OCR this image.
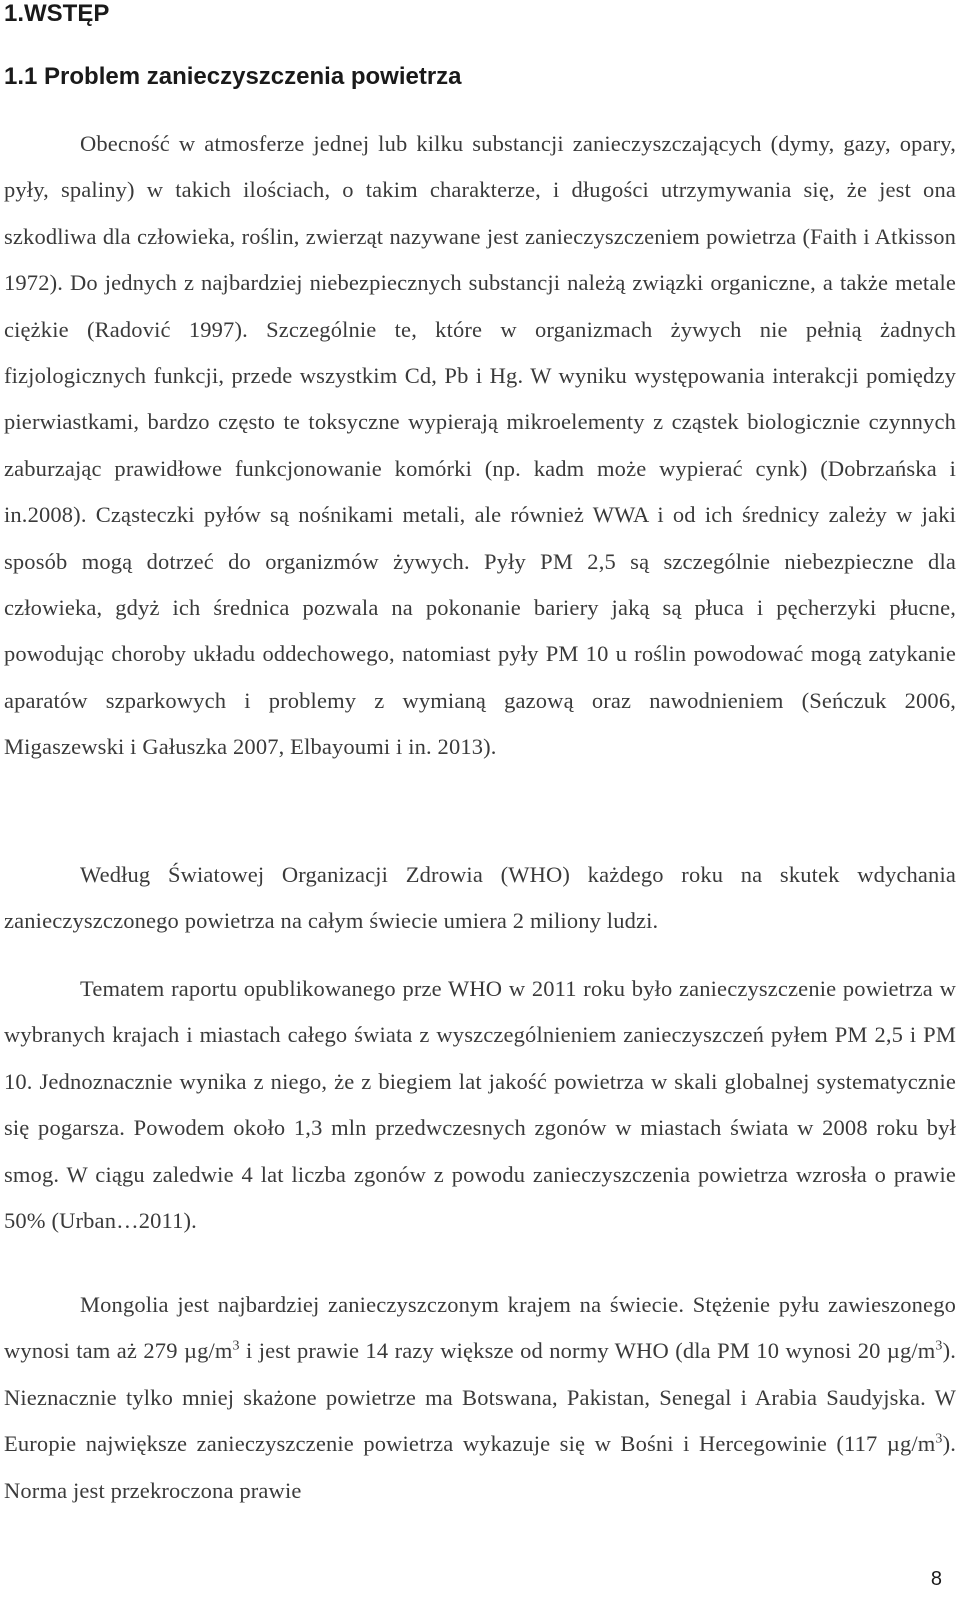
1.WSTĘP
1.1 Problem zanieczyszczenia powietrza

Obecność w atmosferze jednej lub kilku substancji zanieczyszczających (dymy, gazy, opary, pyły, spaliny) w takich ilościach, o takim charakterze, i długości utrzymywania się, że jest ona szkodliwa dla człowieka, roślin, zwierząt nazywane jest zanieczyszczeniem powietrza (Faith i Atkisson 1972). Do jednych z najbardziej niebezpiecznych substancji należą związki organiczne, a także metale ciężkie (Radović 1997). Szczególnie te, które w organizmach żywych nie pełnią żadnych fizjologicznych funkcji, przede wszystkim Cd, Pb i Hg. W wyniku występowania interakcji pomiędzy pierwiastkami, bardzo często te toksyczne wypierają mikroelementy z cząstek biologicznie czynnych zaburzając prawidłowe funkcjonowanie komórki (np. kadm może wypierać cynk) (Dobrzańska i in.2008). Cząsteczki pyłów są nośnikami metali, ale również WWA i od ich średnicy zależy w jaki sposób mogą dotrzeć do organizmów żywych. Pyły PM 2,5 są szczególnie niebezpieczne dla człowieka, gdyż ich średnica pozwala na pokonanie bariery jaką są płuca i pęcherzyki płucne, powodując choroby układu oddechowego, natomiast pyły PM 10 u roślin powodować mogą zatykanie aparatów szparkowych i problemy z wymianą gazową oraz nawodnieniem (Seńczuk 2006, Migaszewski i Gałuszka 2007, Elbayoumi i in. 2013).

Według Światowej Organizacji Zdrowia (WHO) każdego roku na skutek wdychania zanieczyszczonego powietrza na całym świecie umiera 2 miliony ludzi.

Tematem raportu opublikowanego prze WHO w 2011 roku było zanieczyszczenie powietrza w wybranych krajach i miastach całego świata z wyszczególnieniem zanieczyszczeń pyłem PM 2,5 i PM 10. Jednoznacznie wynika z niego, że z biegiem lat jakość powietrza w skali globalnej systematycznie się pogarsza. Powodem około 1,3 mln przedwczesnych zgonów w miastach świata w 2008 roku był smog. W ciągu zaledwie 4 lat liczba zgonów z powodu zanieczyszczenia powietrza wzrosła o prawie 50% (Urban…2011).

Mongolia jest najbardziej zanieczyszczonym krajem na świecie. Stężenie pyłu zawieszonego wynosi tam aż 279 $\mu g/m^3$ i jest prawie 14 razy większe od normy WHO (dla PM 10 wynosi 20 $\mu g/m^3$). Nieznacznie tylko mniej skażone powietrze ma Botswana, Pakistan, Senegal i Arabia Saudyjska. W Europie największe zanieczyszczenie powietrza wykazuje się w Bośni i Hercegowinie (117 $\mu g/m^3$). Norma jest przekroczona prawie

8
